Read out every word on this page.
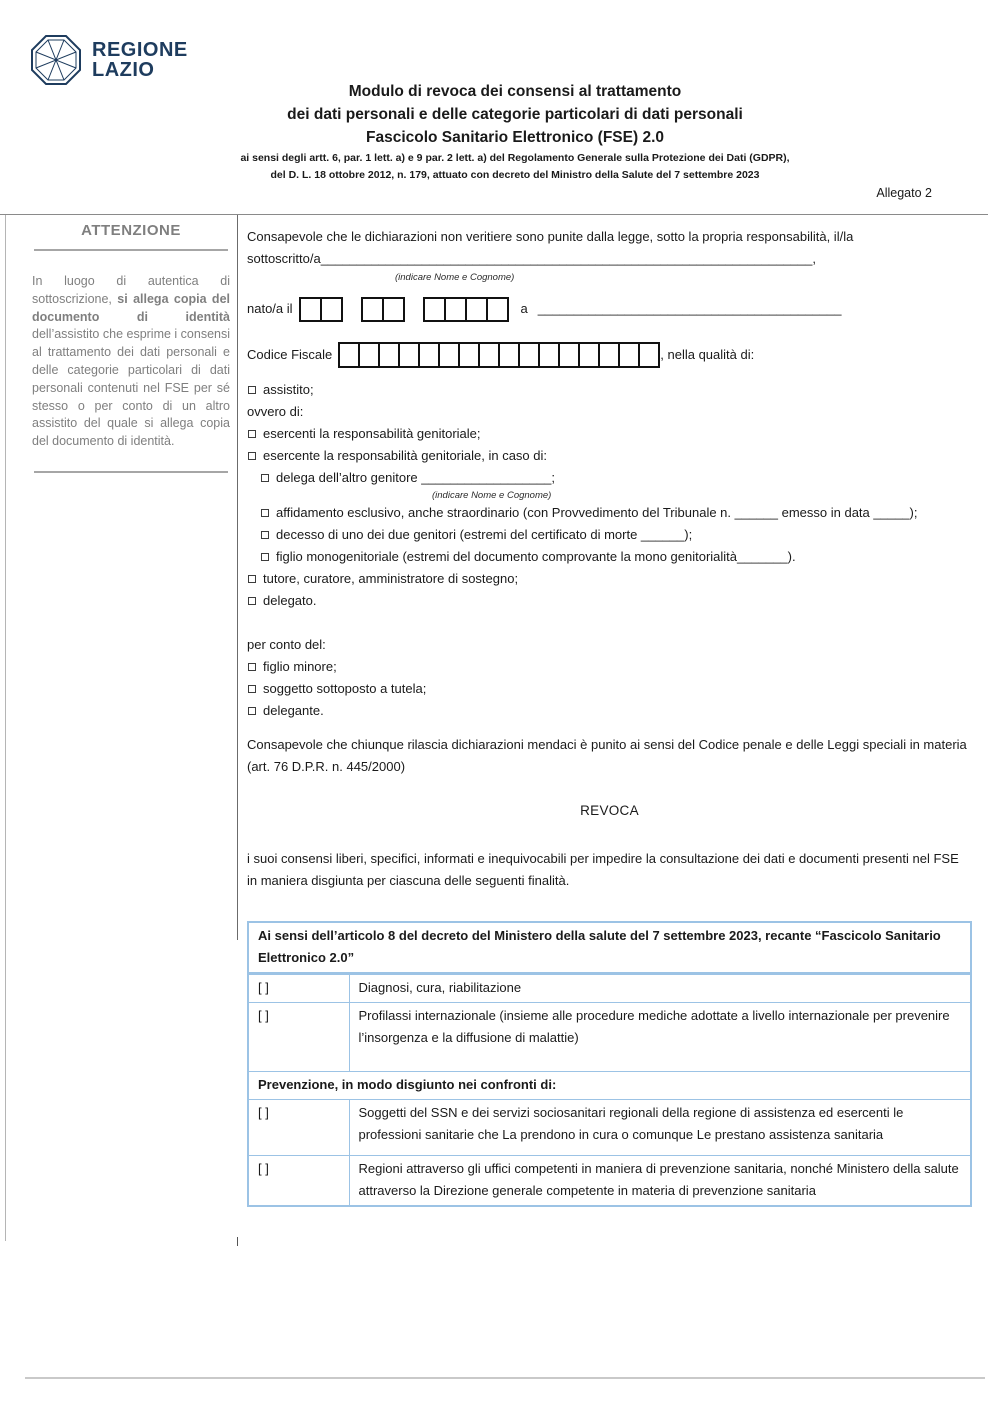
REGIONE
LAZIO
Modulo di revoca dei consensi al trattamento
dei dati personali e delle categorie particolari di dati personali
Fascicolo Sanitario Elettronico (FSE) 2.0
ai sensi degli artt. 6, par. 1 lett. a) e 9 par. 2 lett. a) del Regolamento Generale sulla Protezione dei Dati (GDPR),
del D. L. 18 ottobre 2012, n. 179, attuato con decreto del Ministro della Salute del 7 settembre 2023
Allegato 2
ATTENZIONE
In luogo di autentica di sottoscrizione, si allega copia del documento di identità dell’assistito che esprime i consensi al trattamento dei dati personali e delle categorie particolari di dati personali contenuti nel FSE per sé stesso o per conto di un altro assistito del quale si allega copia del documento di identità.
Consapevole che le dichiarazioni non veritiere sono punite dalla legge, sotto la propria responsabilità, il/la sottoscritto/a____________________________________________________________________,
(indicare Nome e Cognome)
nato/a il	a __________________________________________
Codice Fiscale	, nella qualità di:
assistito;
ovvero di:
esercenti la responsabilità genitoriale;
esercente la responsabilità genitoriale, in caso di:
delega dell’altro genitore __________________;
(indicare Nome e Cognome)
affidamento esclusivo, anche straordinario (con Provvedimento del Tribunale n. ______ emesso in data _____);
decesso di uno dei due genitori (estremi del certificato di morte ______);
figlio monogenitoriale (estremi del documento comprovante la mono genitorialità_______).
tutore, curatore, amministratore di sostegno;
delegato.
per conto del:
figlio minore;
soggetto sottoposto a tutela;
delegante.
Consapevole che chiunque rilascia dichiarazioni mendaci è punito ai sensi del Codice penale e delle Leggi speciali in materia (art. 76 D.P.R. n. 445/2000)
REVOCA
i suoi consensi liberi, specifici, informati e inequivocabili per impedire la consultazione dei dati e documenti presenti nel FSE in maniera disgiunta per ciascuna delle seguenti finalità.
Ai sensi dell’articolo 8 del decreto del Ministero della salute del 7 settembre 2023, recante “Fascicolo Sanitario Elettronico 2.0”	
[ ]	Diagnosi, cura, riabilitazione
[ ]	Profilassi internazionale (insieme alle procedure mediche adottate a livello internazionale per prevenire l’insorgenza e la diffusione di malattie)
Prevenzione, in modo disgiunto nei confronti di:	
[ ]	Soggetti del SSN e dei servizi sociosanitari regionali della regione di assistenza ed esercenti le professioni sanitarie che La prendono in cura o comunque Le prestano assistenza sanitaria
[ ]	Regioni attraverso gli uffici competenti in maniera di prevenzione sanitaria, nonché Ministero della salute attraverso la Direzione generale competente in materia di prevenzione sanitaria
